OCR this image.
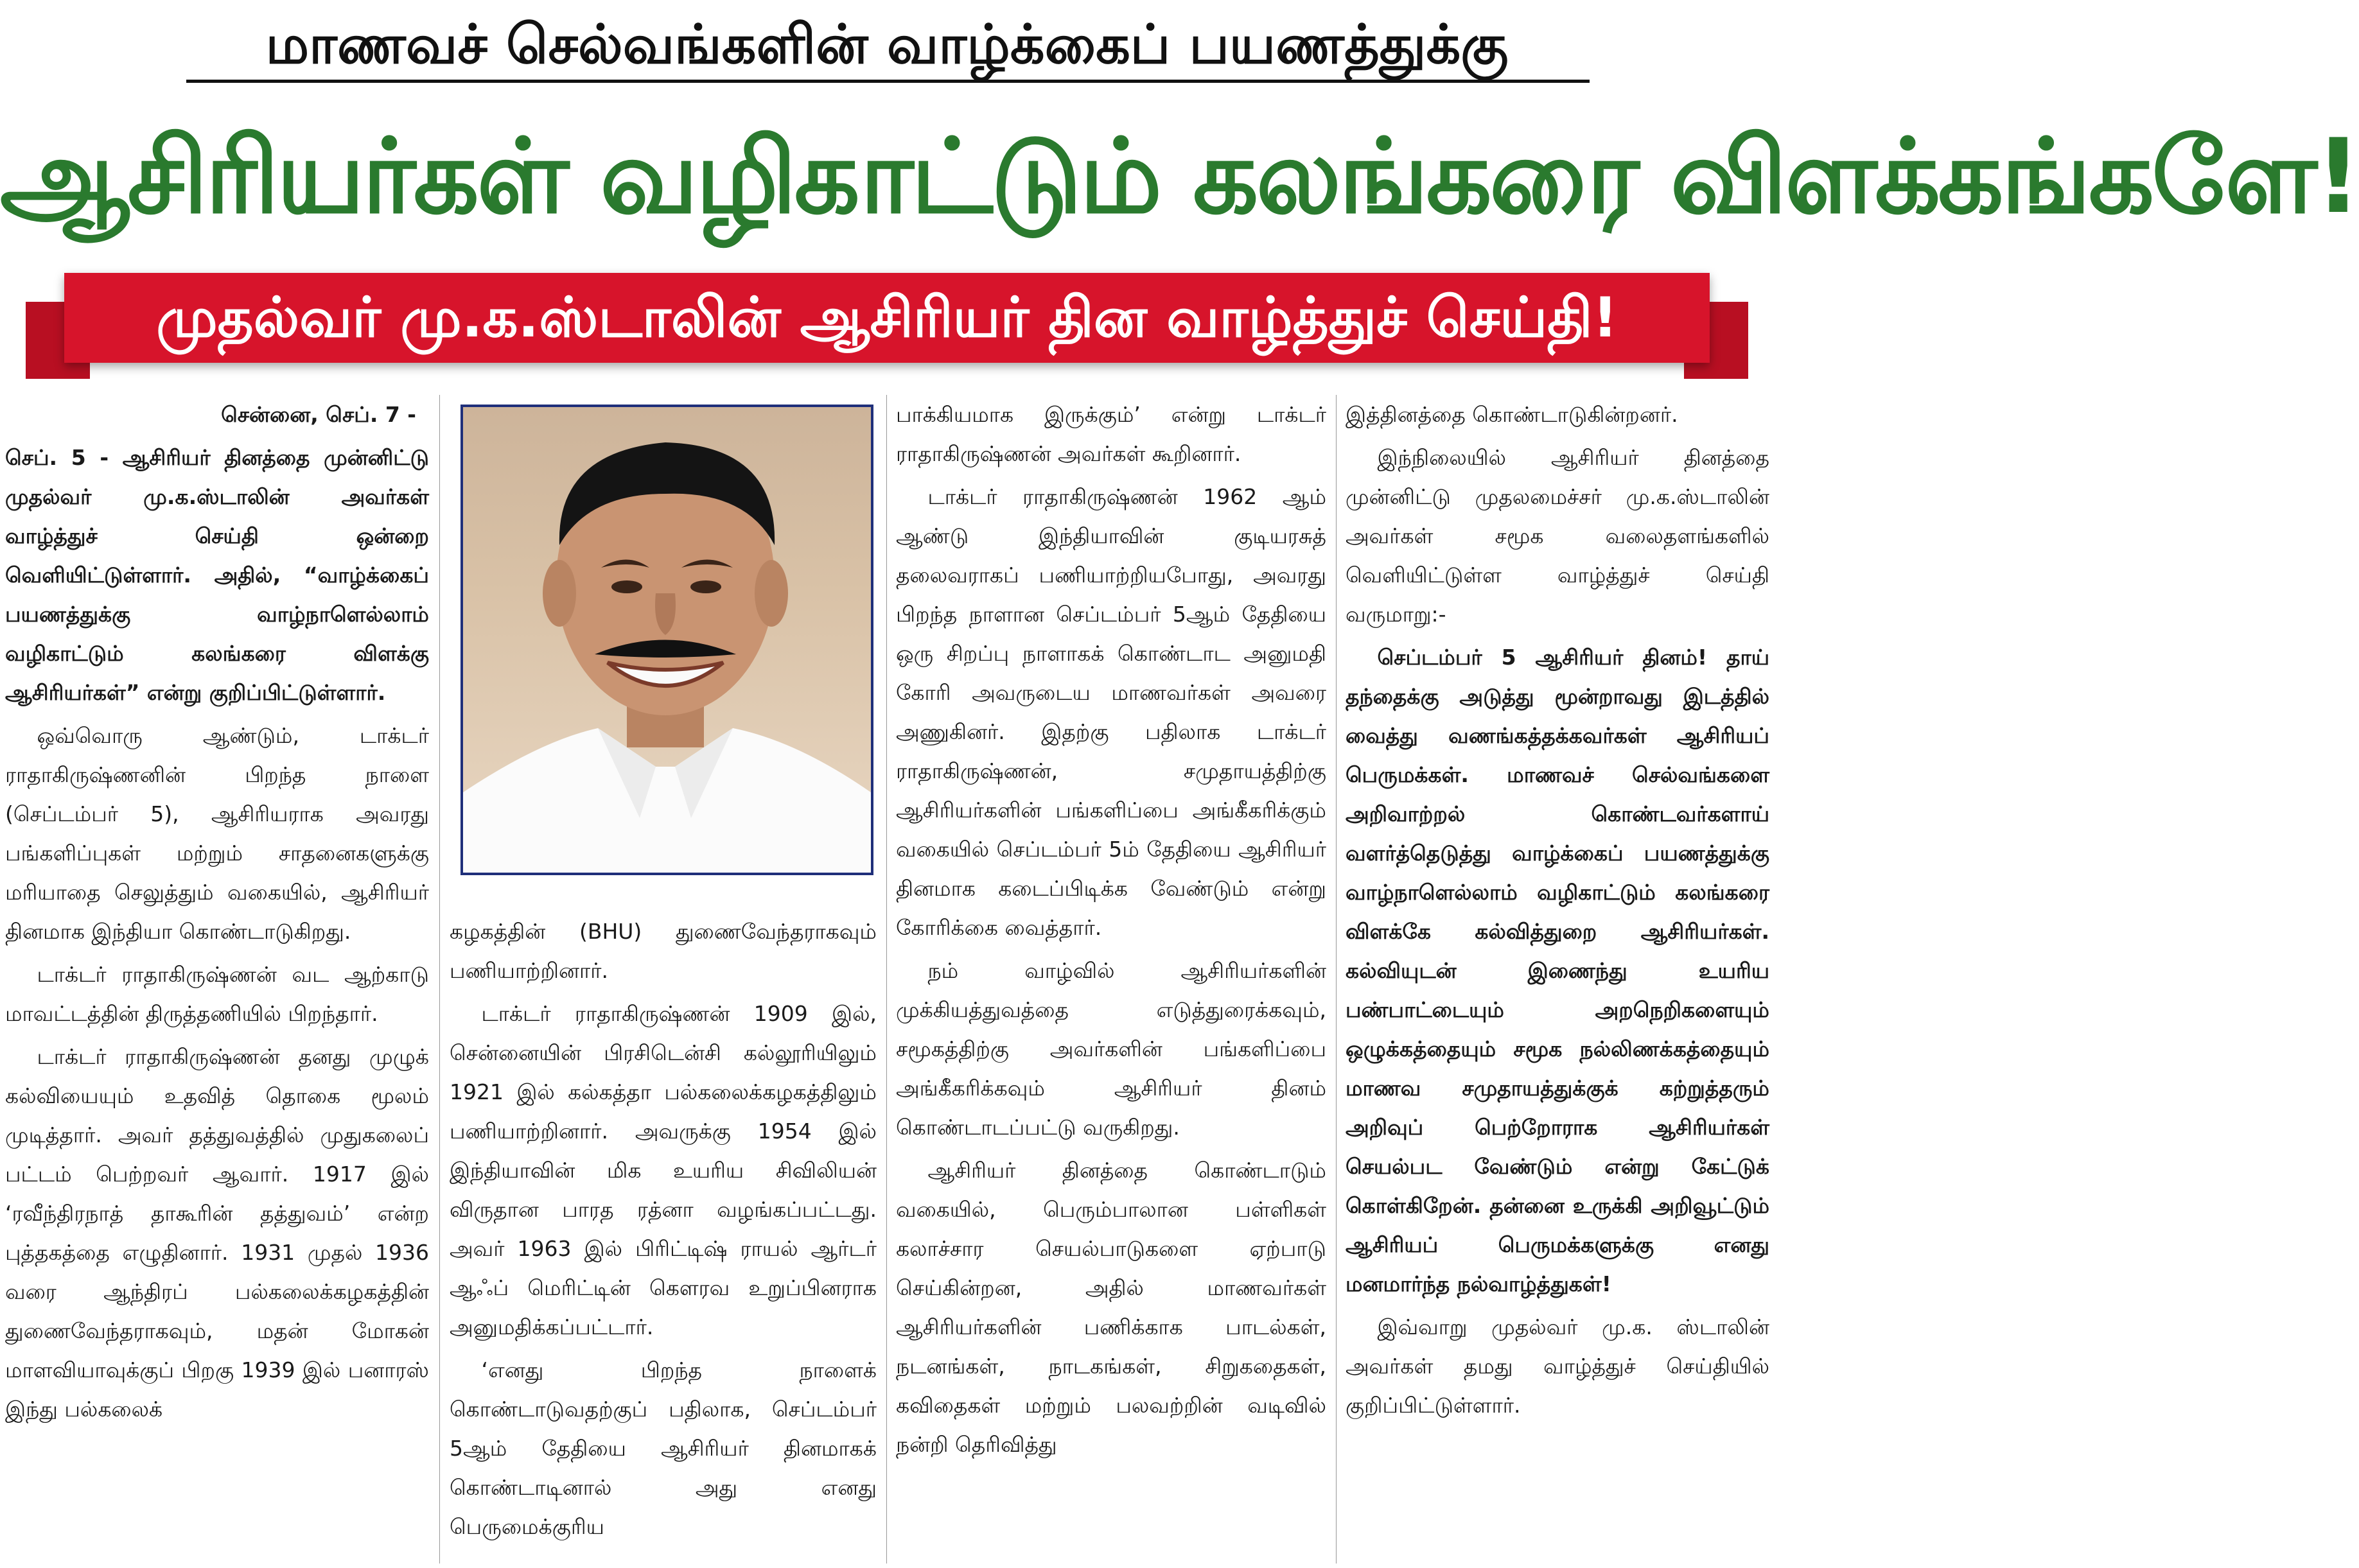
மாணவச் செல்வங்களின் வாழ்க்கைப் பயணத்துக்கு
ஆசிரியர்கள் வழிகாட்டும் கலங்கரை விளக்கங்களே!
முதல்வர் மு.க.ஸ்டாலின் ஆசிரியர் தின வாழ்த்துச் செய்தி!

சென்னை, செப். 7 -

செப். 5 - ஆசிரியர் தினத்தை முன்னிட்டு முதல்வர் மு.க.ஸ்டாலின் அவர்கள் வாழ்த்துச் செய்தி ஒன்றை வெளியிட்டுள்ளார். அதில், “வாழ்க்கைப் பயணத்துக்கு வாழ்நாளெல்லாம் வழிகாட்டும் கலங்கரை விளக்கு ஆசிரியர்கள்” என்று குறிப்பிட்டுள்ளார்.

ஒவ்வொரு ஆண்டும், டாக்டர் ராதாகிருஷ்ணனின் பிறந்த நாளை (செப்டம்பர் 5), ஆசிரியராக அவரது பங்களிப்புகள் மற்றும் சாதனைகளுக்கு மரியாதை செலுத்தும் வகையில், ஆசிரியர் தினமாக இந்தியா கொண்டாடுகிறது.

டாக்டர் ராதாகிருஷ்ணன் வட ஆற்காடு மாவட்டத்தின் திருத்தணியில் பிறந்தார்.

டாக்டர் ராதாகிருஷ்ணன் தனது முழுக் கல்வியையும் உதவித் தொகை மூலம் முடித்தார். அவர் தத்துவத்தில் முதுகலைப் பட்டம் பெற்றவர் ஆவார். 1917 இல் ‘ரவீந்திரநாத் தாகூரின் தத்துவம்’ என்ற புத்தகத்தை எழுதினார். 1931 முதல் 1936 வரை ஆந்திரப் பல்கலைக்கழகத்தின் துணைவேந்தராகவும், மதன் மோகன் மாளவியாவுக்குப் பிறகு 1939 இல் பனாரஸ் இந்து பல்கலைக்

கழகத்தின் (BHU) துணைவேந்தராகவும் பணியாற்றினார்.

டாக்டர் ராதாகிருஷ்ணன் 1909 இல், சென்னையின் பிரசிடென்சி கல்லூரியிலும் 1921 இல் கல்கத்தா பல்கலைக்கழகத்திலும் பணியாற்றினார். அவருக்கு 1954 இல் இந்தியாவின் மிக உயரிய சிவிலியன் விருதான பாரத ரத்னா வழங்கப்பட்டது. அவர் 1963 இல் பிரிட்டிஷ் ராயல் ஆர்டர் ஆஃப் மெரிட்டின் கௌரவ உறுப்பினராக அனுமதிக்கப்பட்டார்.

‘எனது பிறந்த நாளைக் கொண்டாடுவதற்குப் பதிலாக, செப்டம்பர் 5ஆம் தேதியை ஆசிரியர் தினமாகக் கொண்டாடினால் அது எனது பெருமைக்குரிய

பாக்கியமாக இருக்கும்’ என்று டாக்டர் ராதாகிருஷ்ணன் அவர்கள் கூறினார்.

டாக்டர் ராதாகிருஷ்ணன் 1962 ஆம் ஆண்டு இந்தியாவின் குடியரசுத் தலைவராகப் பணியாற்றியபோது, அவரது பிறந்த நாளான செப்டம்பர் 5ஆம் தேதியை ஒரு சிறப்பு நாளாகக் கொண்டாட அனுமதி கோரி அவருடைய மாணவர்கள் அவரை அணுகினர். இதற்கு பதிலாக டாக்டர் ராதாகிருஷ்ணன், சமுதாயத்திற்கு ஆசிரியர்களின் பங்களிப்பை அங்கீகரிக்கும் வகையில் செப்டம்பர் 5ம் தேதியை ஆசிரியர் தினமாக கடைப்பிடிக்க வேண்டும் என்று கோரிக்கை வைத்தார்.

நம் வாழ்வில் ஆசிரியர்களின் முக்கியத்துவத்தை எடுத்துரைக்கவும், சமூகத்திற்கு அவர்களின் பங்களிப்பை அங்கீகரிக்கவும் ஆசிரியர் தினம் கொண்டாடப்பட்டு வருகிறது.

ஆசிரியர் தினத்தை கொண்டாடும் வகையில், பெரும்பாலான பள்ளிகள் கலாச்சார செயல்பாடுகளை ஏற்பாடு செய்கின்றன, அதில் மாணவர்கள் ஆசிரியர்களின் பணிக்காக பாடல்கள், நடனங்கள், நாடகங்கள், சிறுகதைகள், கவிதைகள் மற்றும் பலவற்றின் வடிவில் நன்றி தெரிவித்து

இத்தினத்தை கொண்டாடுகின்றனர்.

இந்நிலையில் ஆசிரியர் தினத்தை முன்னிட்டு முதலமைச்சர் மு.க.ஸ்டாலின் அவர்கள் சமூக வலைதளங்களில் வெளியிட்டுள்ள வாழ்த்துச் செய்தி வருமாறு:-

செப்டம்பர் 5 ஆசிரியர் தினம்! தாய் தந்தைக்கு அடுத்து மூன்றாவது இடத்தில் வைத்து வணங்கத்தக்கவர்கள் ஆசிரியப் பெருமக்கள். மாணவச் செல்வங்களை அறிவாற்றல் கொண்டவர்களாய் வளர்த்தெடுத்து வாழ்க்கைப் பயணத்துக்கு வாழ்நாளெல்லாம் வழிகாட்டும் கலங்கரை விளக்கே கல்வித்துறை ஆசிரியர்கள். கல்வியுடன் இணைந்து உயரிய பண்பாட்டையும் அறநெறிகளையும் ஒழுக்கத்தையும் சமூக நல்லிணக்கத்தையும் மாணவ சமுதாயத்துக்குக் கற்றுத்தரும் அறிவுப் பெற்றோராக ஆசிரியர்கள் செயல்பட வேண்டும் என்று கேட்டுக் கொள்கிறேன். தன்னை உருக்கி அறிவூட்டும் ஆசிரியப் பெருமக்களுக்கு எனது மனமார்ந்த நல்வாழ்த்துகள்!

இவ்வாறு முதல்வர் மு.க. ஸ்டாலின் அவர்கள் தமது வாழ்த்துச் செய்தியில் குறிப்பிட்டுள்ளார்.
